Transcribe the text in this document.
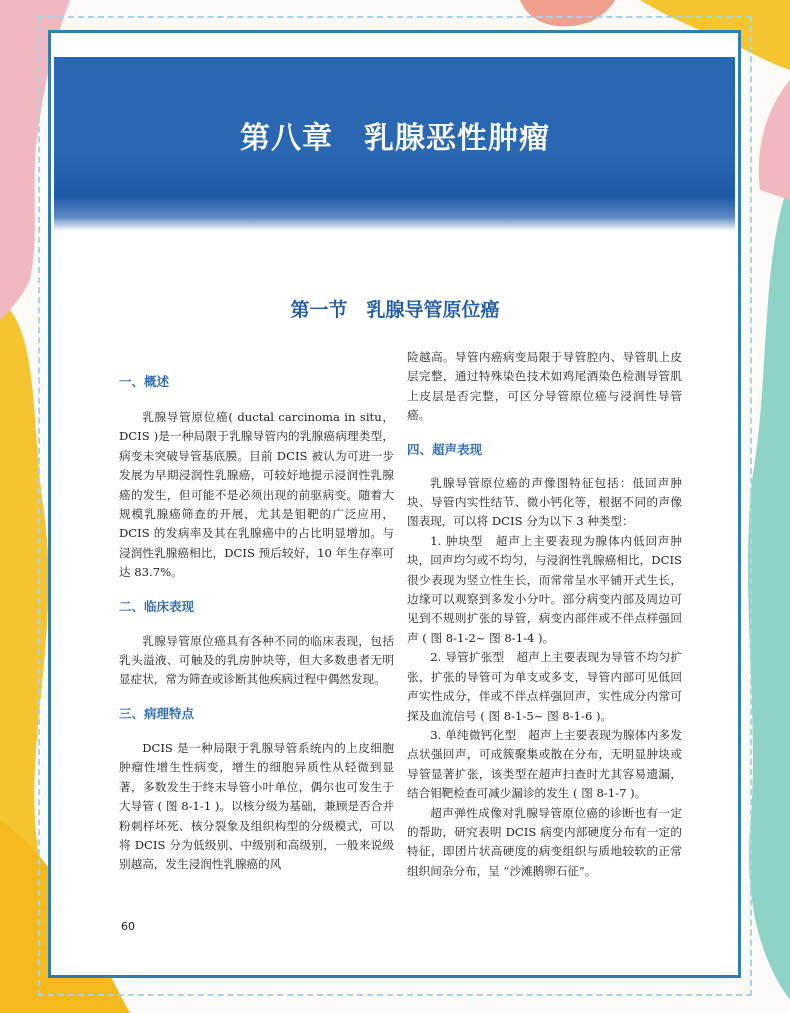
第八章　乳腺恶性肿瘤
第一节　乳腺导管原位癌

一、概述

乳腺导管原位癌( ductal carcinoma in situ，DCIS )是一种局限于乳腺导管内的乳腺癌病理类型，病变未突破导管基底膜。目前 DCIS 被认为可进一步发展为早期浸润性乳腺癌，可较好地提示浸润性乳腺癌的发生，但可能不是必须出现的前驱病变。随着大规模乳腺癌筛查的开展，尤其是钼靶的广泛应用，DCIS 的发病率及其在乳腺癌中的占比明显增加。与浸润性乳腺癌相比，DCIS 预后较好，10 年生存率可达 83.7%。

二、临床表现

乳腺导管原位癌具有各种不同的临床表现，包括乳头溢液、可触及的乳房肿块等，但大多数患者无明显症状，常为筛查或诊断其他疾病过程中偶然发现。

三、病理特点

DCIS 是一种局限于乳腺导管系统内的上皮细胞肿瘤性增生性病变，增生的细胞异质性从轻微到显著，多数发生于终末导管小叶单位，偶尔也可发生于大导管 ( 图 8-1-1 )。以核分级为基础，兼顾是否合并粉刺样坏死、核分裂象及组织构型的分级模式，可以将 DCIS 分为低级别、中级别和高级别，一般来说级别越高，发生浸润性乳腺癌的风

险越高。导管内癌病变局限于导管腔内、导管肌上皮层完整，通过特殊染色技术如鸡尾酒染色检测导管肌上皮层是否完整，可区分导管原位癌与浸润性导管癌。

四、超声表现

乳腺导管原位癌的声像图特征包括：低回声肿块、导管内实性结节、微小钙化等，根据不同的声像图表现，可以将 DCIS 分为以下 3 种类型：

1. 肿块型　超声上主要表现为腺体内低回声肿块，回声均匀或不均匀，与浸润性乳腺癌相比，DCIS 很少表现为竖立性生长，而常常呈水平铺开式生长，边缘可以观察到多发小分叶。部分病变内部及周边可见到不规则扩张的导管，病变内部伴或不伴点样强回声 ( 图 8-1-2~ 图 8-1-4 )。

2. 导管扩张型　超声上主要表现为导管不均匀扩张，扩张的导管可为单支或多支，导管内部可见低回声实性成分，伴或不伴点样强回声，实性成分内常可探及血流信号 ( 图 8-1-5~ 图 8-1-6 )。

3. 单纯微钙化型　超声上主要表现为腺体内多发点状强回声，可成簇聚集或散在分布，无明显肿块或导管显著扩张，该类型在超声扫查时尤其容易遗漏，结合钼靶检查可减少漏诊的发生 ( 图 8-1-7 )。

超声弹性成像对乳腺导管原位癌的诊断也有一定的帮助，研究表明 DCIS 病变内部硬度分布有一定的特征，即团片状高硬度的病变组织与质地较软的正常组织间杂分布，呈 “沙滩鹅卵石征”。

60
